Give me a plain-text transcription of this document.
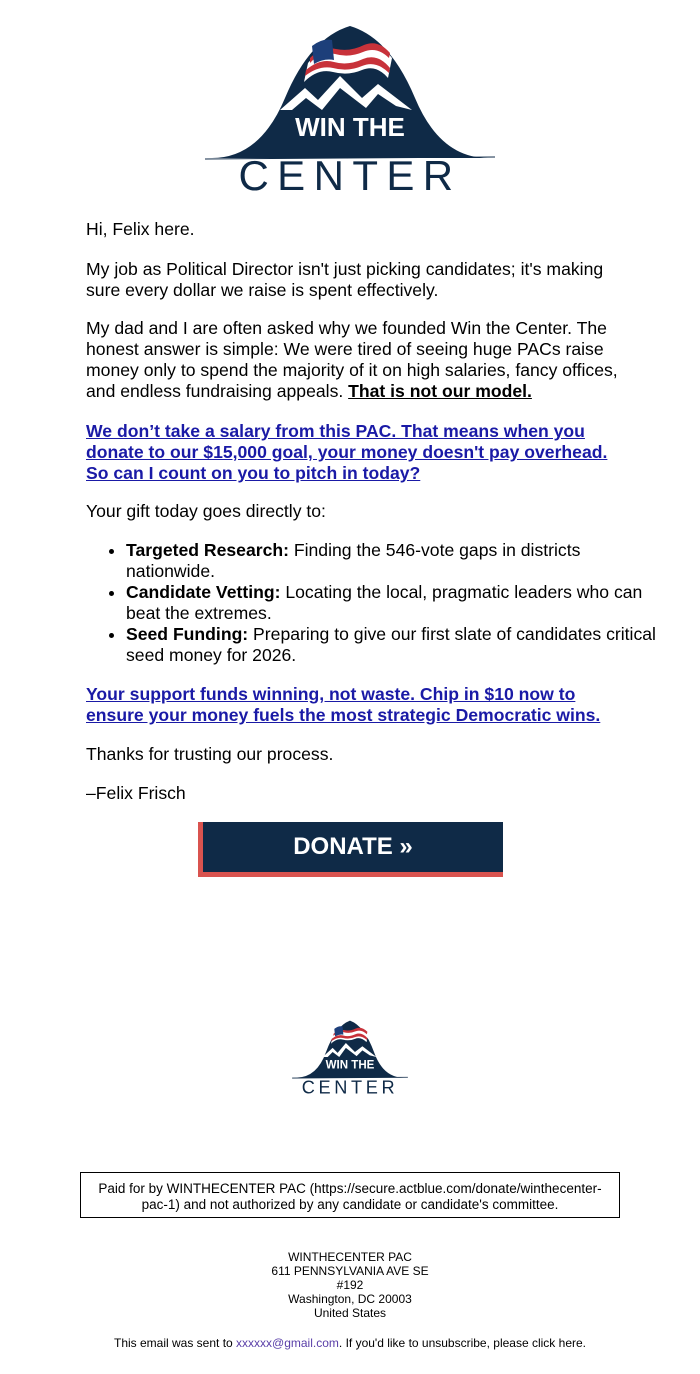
WIN THE
CENTER

Hi, Felix here.

My job as Political Director isn't just picking candidates; it's making sure every dollar we raise is spent effectively.

My dad and I are often asked why we founded Win the Center. The honest answer is simple: We were tired of seeing huge PACs raise money only to spend the majority of it on high salaries, fancy offices, and endless fundraising appeals. That is not our model.

We don’t take a salary from this PAC. That means when you donate to our $15,000 goal, your money doesn't pay overhead. So can I count on you to pitch in today?

Your gift today goes directly to:

• Targeted Research: Finding the 546-vote gaps in districts nationwide.
• Candidate Vetting: Locating the local, pragmatic leaders who can beat the extremes.
• Seed Funding: Preparing to give our first slate of candidates critical seed money for 2026.

Your support funds winning, not waste. Chip in $10 now to ensure your money fuels the most strategic Democratic wins.

Thanks for trusting our process.

–Felix Frisch

DONATE »
WIN THE
CENTER
Paid for by WINTHECENTER PAC (https://secure.actblue.com/donate/winthecenter-pac-1) and not authorized by any candidate or candidate's committee.
WINTHECENTER PAC
611 PENNSYLVANIA AVE SE
#192
Washington, DC 20003
United States
This email was sent to xxxxxx@gmail.com. If you'd like to unsubscribe, please click here.
